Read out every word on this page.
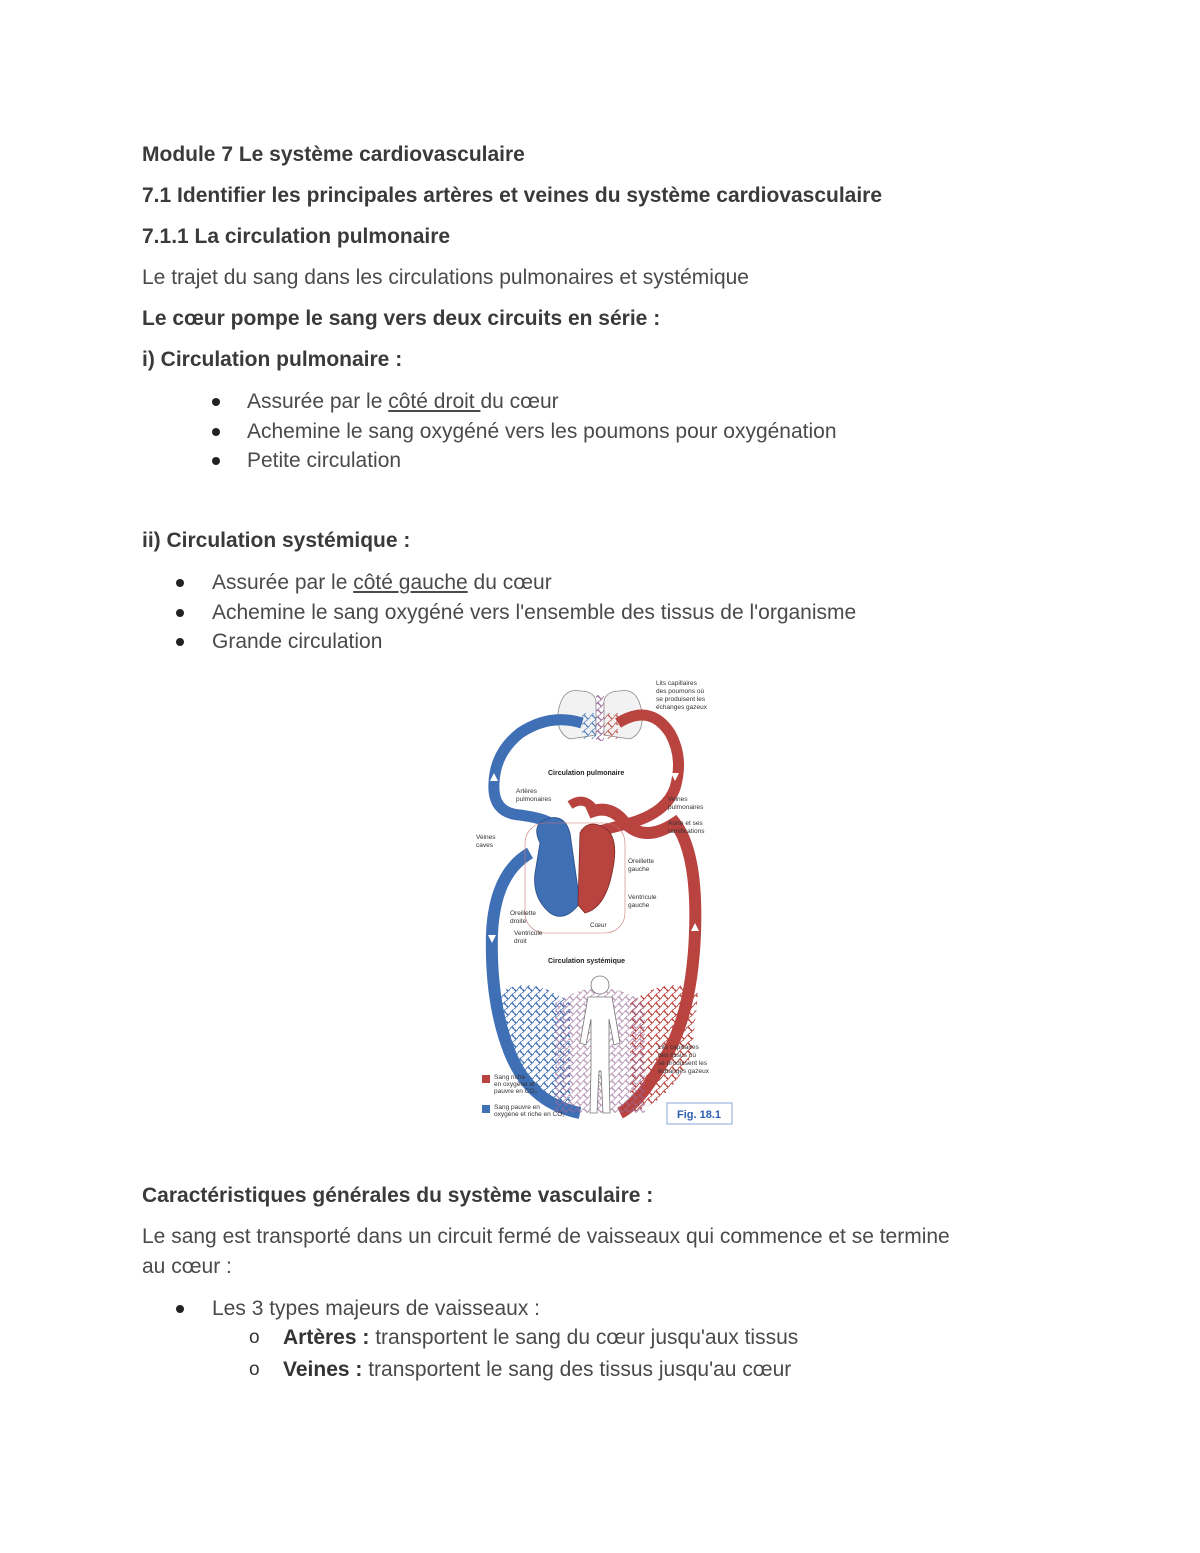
Module 7 Le système cardiovasculaire
7.1 Identifier les principales artères et veines du système cardiovasculaire
7.1.1 La circulation pulmonaire
Le trajet du sang dans les circulations pulmonaires et systémique
Le cœur pompe le sang vers deux circuits en série :
i) Circulation pulmonaire :
Assurée par le côté droit du cœur
Achemine le sang oxygéné vers les poumons pour oxygénation
Petite circulation
ii) Circulation systémique :
Assurée par le côté gauche du cœur
Achemine le sang oxygéné vers l'ensemble des tissus de l'organisme
Grande circulation
Lits capillaires
des poumons où
se produisent les
échanges gazeux
Circulation pulmonaire
Artères
pulmonaires	Veines
pulmonaires
Aorte et ses
ramifications
Veines
caves
Oreillette
gauche
Ventricule
gauche
Oreillette
droite
Ventricule
droit
Cœur
Circulation systémique
Lits capillaires
des tissus où
se produisent les
échanges gazeux
Sang riche
en oxygène et
pauvre en CO₂
Sang pauvre en
oxygène et riche en CO₂	Fig. 18.1
Caractéristiques générales du système vasculaire :
Le sang est transporté dans un circuit fermé de vaisseaux qui commence et se termine
au cœur :
Les 3 types majeurs de vaisseaux :
o Artères : transportent le sang du cœur jusqu'aux tissus
o Veines : transportent le sang des tissus jusqu'au cœur
